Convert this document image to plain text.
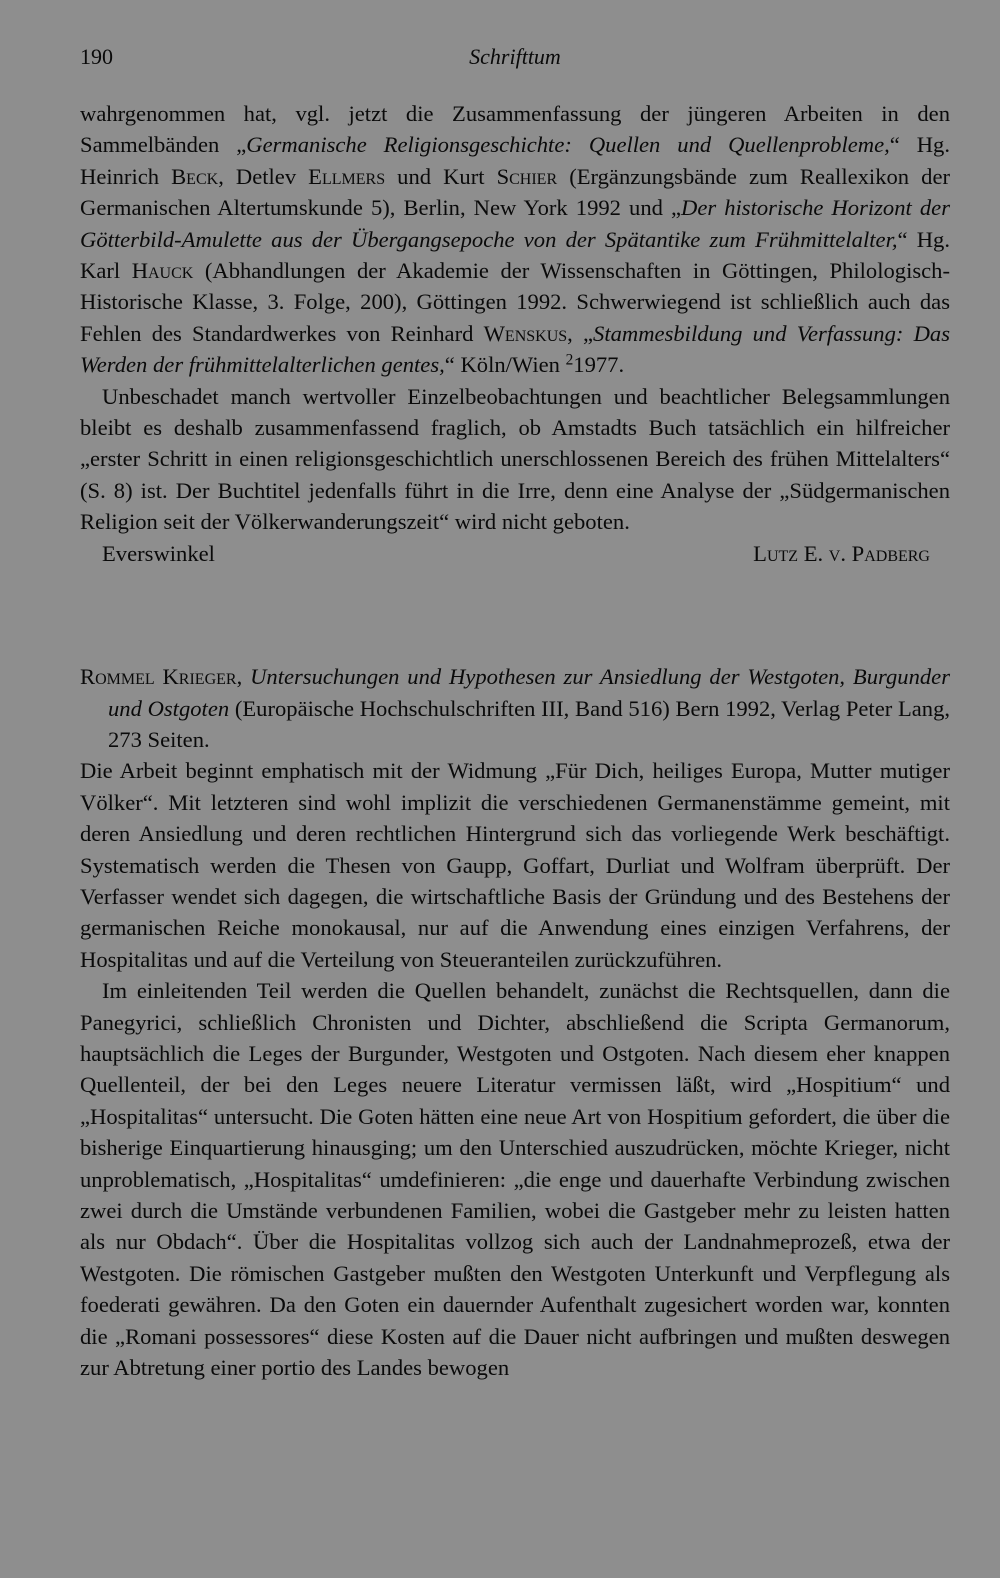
190	Schrifttum

wahrgenommen hat, vgl. jetzt die Zusammenfassung der jüngeren Arbeiten in den Sammelbänden „Germanische Religionsgeschichte: Quellen und Quellenprobleme,“ Hg. Heinrich Beck, Detlev Ellmers und Kurt Schier (Ergänzungsbände zum Reallexikon der Germanischen Altertumskunde 5), Berlin, New York 1992 und „Der historische Horizont der Götterbild-Amulette aus der Übergangsepoche von der Spätantike zum Frühmittelalter,“ Hg. Karl Hauck (Abhandlungen der Akademie der Wissenschaften in Göttingen, Philologisch-Historische Klasse, 3. Folge, 200), Göttingen 1992. Schwerwiegend ist schließlich auch das Fehlen des Standardwerkes von Reinhard Wenskus, „Stammesbildung und Verfassung: Das Werden der frühmittelalterlichen gentes,“ Köln/Wien $^2$1977.

Unbeschadet manch wertvoller Einzelbeobachtungen und beachtlicher Belegsammlungen bleibt es deshalb zusammenfassend fraglich, ob Amstadts Buch tatsächlich ein hilfreicher „erster Schritt in einen religionsgeschichtlich unerschlossenen Bereich des frühen Mittelalters“ (S. 8) ist. Der Buchtitel jedenfalls führt in die Irre, denn eine Analyse der „Südgermanischen Religion seit der Völkerwanderungszeit“ wird nicht geboten.

Everswinkel	Lutz E. v. Padberg

Rommel Krieger, Untersuchungen und Hypothesen zur Ansiedlung der Westgoten, Burgunder und Ostgoten (Europäische Hochschulschriften III, Band 516) Bern 1992, Verlag Peter Lang, 273 Seiten.

Die Arbeit beginnt emphatisch mit der Widmung „Für Dich, heiliges Europa, Mutter mutiger Völker“. Mit letzteren sind wohl implizit die verschiedenen Germanenstämme gemeint, mit deren Ansiedlung und deren rechtlichen Hintergrund sich das vorliegende Werk beschäftigt. Systematisch werden die Thesen von Gaupp, Goffart, Durliat und Wolfram überprüft. Der Verfasser wendet sich dagegen, die wirtschaftliche Basis der Gründung und des Bestehens der germanischen Reiche monokausal, nur auf die Anwendung eines einzigen Verfahrens, der Hospitalitas und auf die Verteilung von Steueranteilen zurückzuführen.

Im einleitenden Teil werden die Quellen behandelt, zunächst die Rechtsquellen, dann die Panegyrici, schließlich Chronisten und Dichter, abschließend die Scripta Germanorum, hauptsächlich die Leges der Burgunder, Westgoten und Ostgoten. Nach diesem eher knappen Quellenteil, der bei den Leges neuere Literatur vermissen läßt, wird „Hospitium“ und „Hospitalitas“ untersucht. Die Goten hätten eine neue Art von Hospitium gefordert, die über die bisherige Einquartierung hinausging; um den Unterschied auszudrücken, möchte Krieger, nicht unproblematisch, „Hospitalitas“ umdefinieren: „die enge und dauerhafte Verbindung zwischen zwei durch die Umstände verbundenen Familien, wobei die Gastgeber mehr zu leisten hatten als nur Obdach“. Über die Hospitalitas vollzog sich auch der Landnahmeprozeß, etwa der Westgoten. Die römischen Gastgeber mußten den Westgoten Unterkunft und Verpflegung als foederati gewähren. Da den Goten ein dauernder Aufenthalt zugesichert worden war, konnten die „Romani possessores“ diese Kosten auf die Dauer nicht aufbringen und mußten deswegen zur Abtretung einer portio des Landes bewogen
